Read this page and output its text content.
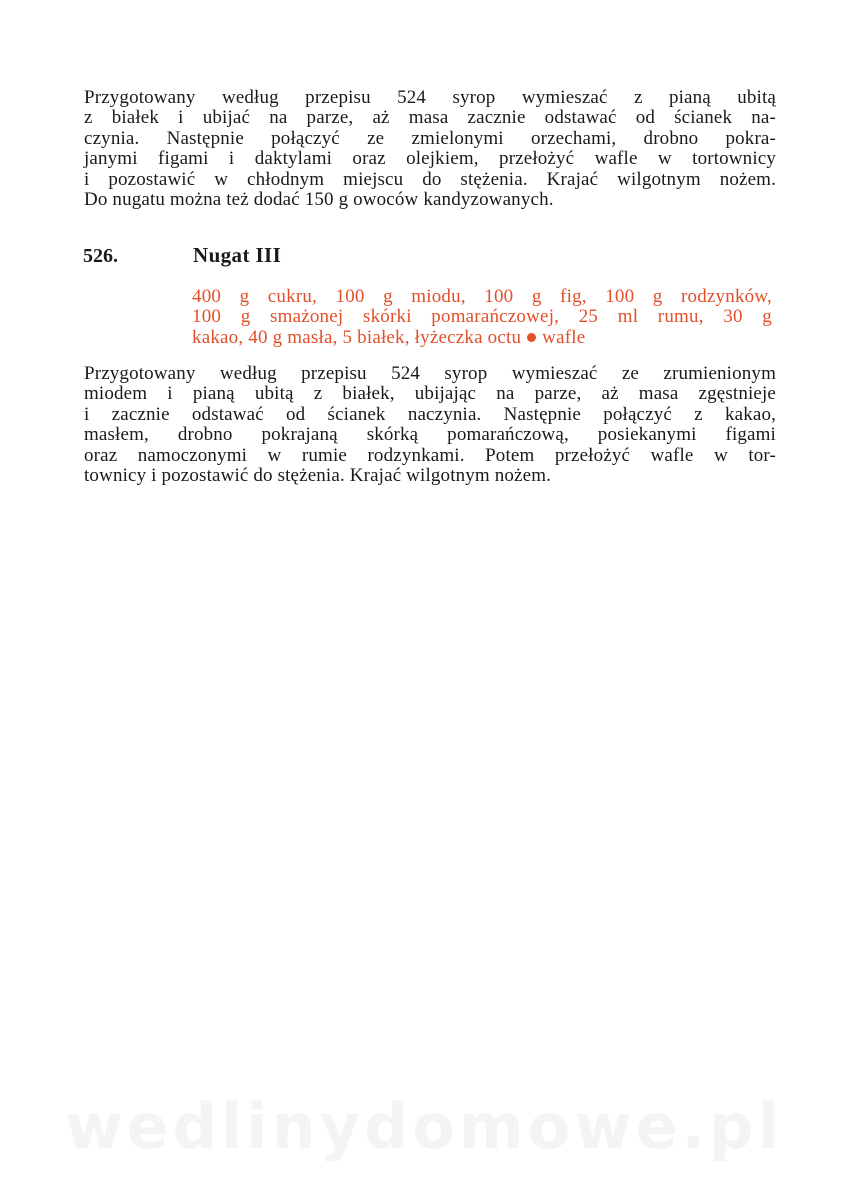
Przygotowany według przepisu 524 syrop wymieszać z pianą ubitą
z białek i ubijać na parze, aż masa zacznie odstawać od ścianek na-
czynia. Następnie połączyć ze zmielonymi orzechami, drobno pokra-
janymi figami i daktylami oraz olejkiem, przełożyć wafle w tortownicy
i pozostawić w chłodnym miejscu do stężenia. Krajać wilgotnym nożem.
Do nugatu można też dodać 150 g owoców kandyzowanych.

526.	Nugat III

400 g cukru, 100 g miodu, 100 g fig, 100 g rodzynków,
100 g smażonej skórki pomarańczowej, 25 ml rumu, 30 g
kakao, 40 g masła, 5 białek, łyżeczka octu wafle

Przygotowany według przepisu 524 syrop wymieszać ze zrumienionym
miodem i pianą ubitą z białek, ubijając na parze, aż masa zgęstnieje
i zacznie odstawać od ścianek naczynia. Następnie połączyć z kakao,
masłem, drobno pokrajaną skórką pomarańczową, posiekanymi figami
oraz namoczonymi w rumie rodzynkami. Potem przełożyć wafle w tor-
townicy i pozostawić do stężenia. Krajać wilgotnym nożem.

wedlinydomowe.pl
